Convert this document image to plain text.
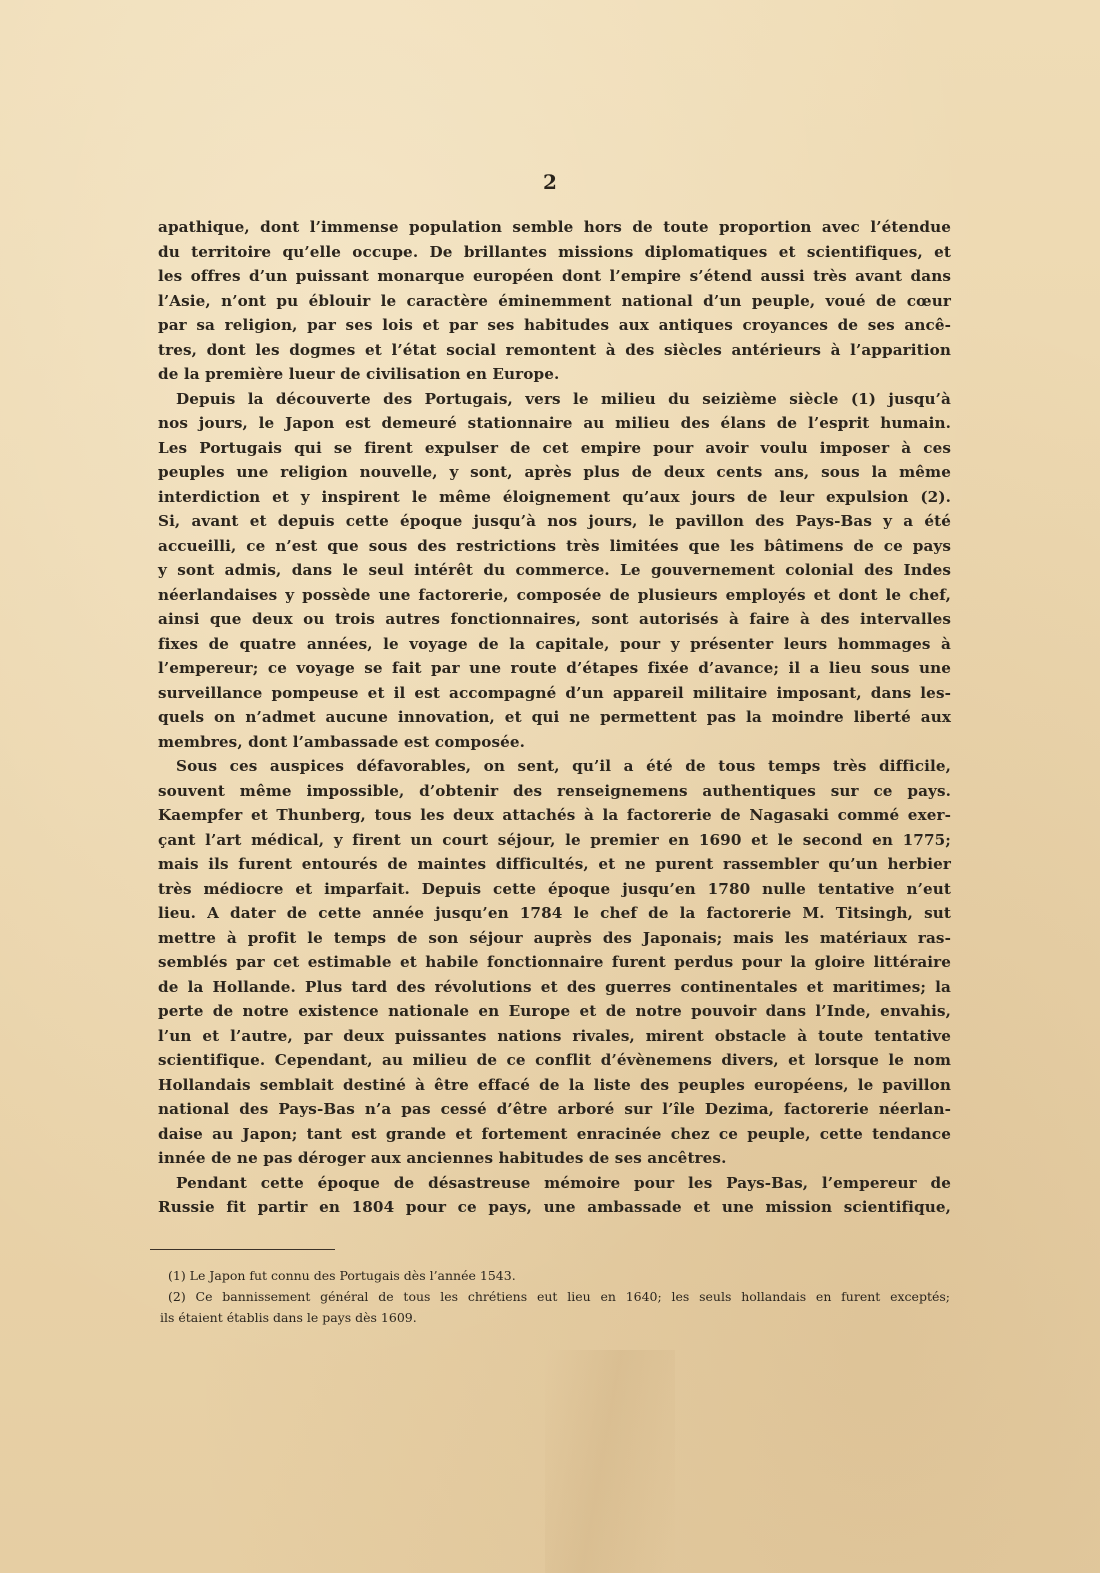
2
apathique, dont l’immense population semble hors de toute proportion avec l’étendue
du territoire qu’elle occupe. De brillantes missions diplomatiques et scientifiques, et
les offres d’un puissant monarque européen dont l’empire s’étend aussi très avant dans
l’Asie, n’ont pu éblouir le caractère éminemment national d’un peuple, voué de cœur
par sa religion, par ses lois et par ses habitudes aux antiques croyances de ses ancê-
tres, dont les dogmes et l’état social remontent à des siècles antérieurs à l’apparition
de la première lueur de civilisation en Europe.
Depuis la découverte des Portugais, vers le milieu du seizième siècle (1) jusqu’à
nos jours, le Japon est demeuré stationnaire au milieu des élans de l’esprit humain.
Les Portugais qui se firent expulser de cet empire pour avoir voulu imposer à ces
peuples une religion nouvelle, y sont, après plus de deux cents ans, sous la même
interdiction et y inspirent le même éloignement qu’aux jours de leur expulsion (2).
Si, avant et depuis cette époque jusqu’à nos jours, le pavillon des Pays-Bas y a été
accueilli, ce n’est que sous des restrictions très limitées que les bâtimens de ce pays
y sont admis, dans le seul intérêt du commerce. Le gouvernement colonial des Indes
néerlandaises y possède une factorerie, composée de plusieurs employés et dont le chef,
ainsi que deux ou trois autres fonctionnaires, sont autorisés à faire à des intervalles
fixes de quatre années, le voyage de la capitale, pour y présenter leurs hommages à
l’empereur; ce voyage se fait par une route d’étapes fixée d’avance; il a lieu sous une
surveillance pompeuse et il est accompagné d’un appareil militaire imposant, dans les-
quels on n’admet aucune innovation, et qui ne permettent pas la moindre liberté aux
membres, dont l’ambassade est composée.
Sous ces auspices défavorables, on sent, qu’il a été de tous temps très difficile,
souvent même impossible, d’obtenir des renseignemens authentiques sur ce pays.
Kaempfer et Thunberg, tous les deux attachés à la factorerie de Nagasaki commé exer-
çant l’art médical, y firent un court séjour, le premier en 1690 et le second en 1775;
mais ils furent entourés de maintes difficultés, et ne purent rassembler qu’un herbier
très médiocre et imparfait. Depuis cette époque jusqu’en 1780 nulle tentative n’eut
lieu. A dater de cette année jusqu’en 1784 le chef de la factorerie M. Titsingh, sut
mettre à profit le temps de son séjour auprès des Japonais; mais les matériaux ras-
semblés par cet estimable et habile fonctionnaire furent perdus pour la gloire littéraire
de la Hollande. Plus tard des révolutions et des guerres continentales et maritimes; la
perte de notre existence nationale en Europe et de notre pouvoir dans l’Inde, envahis,
l’un et l’autre, par deux puissantes nations rivales, mirent obstacle à toute tentative
scientifique. Cependant, au milieu de ce conflit d’évènemens divers, et lorsque le nom
Hollandais semblait destiné à être effacé de la liste des peuples européens, le pavillon
national des Pays-Bas n’a pas cessé d’être arboré sur l’île Dezima, factorerie néerlan-
daise au Japon; tant est grande et fortement enracinée chez ce peuple, cette tendance
innée de ne pas déroger aux anciennes habitudes de ses ancêtres.
Pendant cette époque de désastreuse mémoire pour les Pays-Bas, l’empereur de
Russie fit partir en 1804 pour ce pays, une ambassade et une mission scientifique,
(1) Le Japon fut connu des Portugais dès l’année 1543.
(2) Ce bannissement général de tous les chrétiens eut lieu en 1640; les seuls hollandais en furent exceptés;
ils étaient établis dans le pays dès 1609.
